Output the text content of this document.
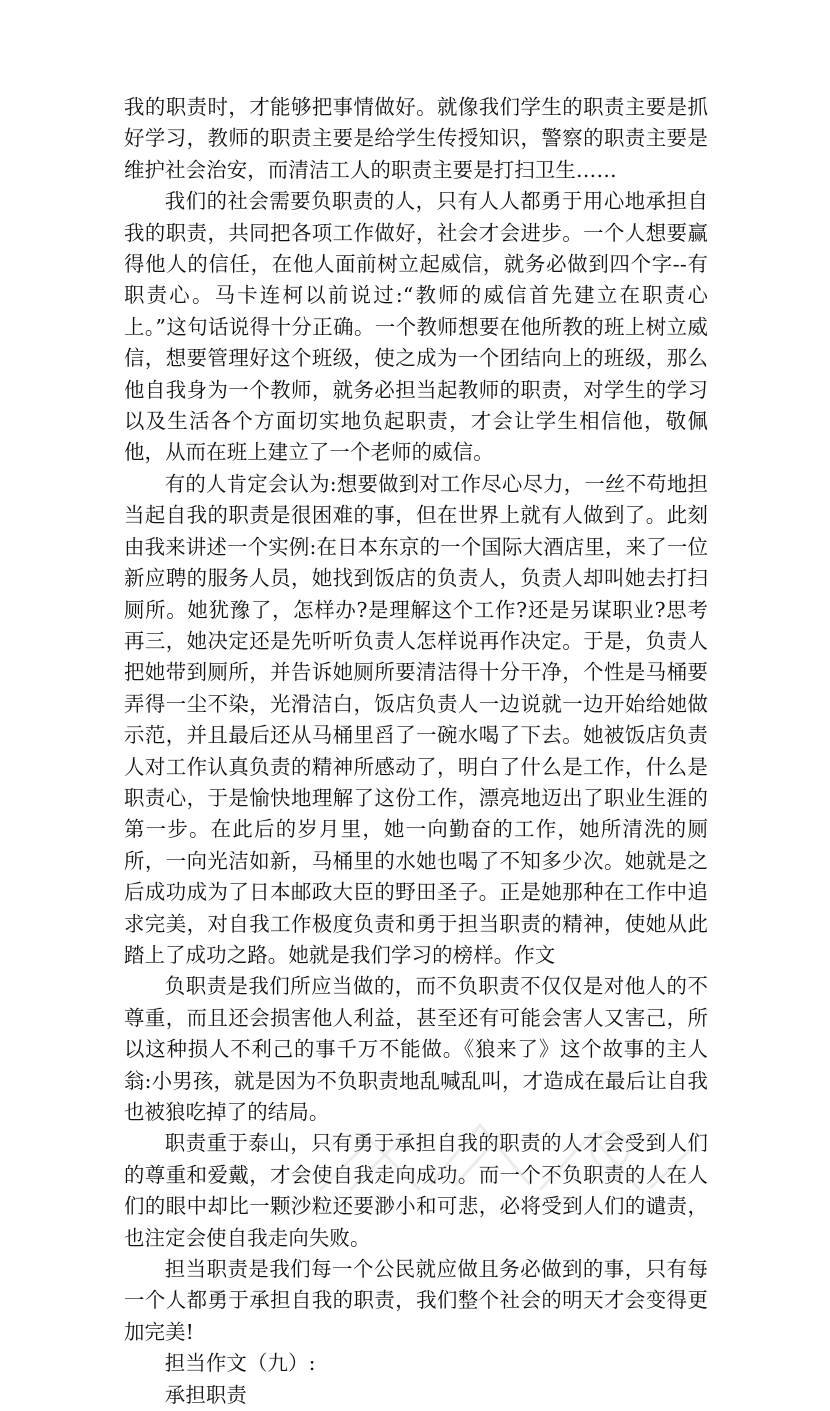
我的职责时，才能够把事情做好。就像我们学生的职责主要是抓好学习，教师的职责主要是给学生传授知识，警察的职责主要是维护社会治安，而清洁工人的职责主要是打扫卫生……

我们的社会需要负职责的人，只有人人都勇于用心地承担自我的职责，共同把各项工作做好，社会才会进步。一个人想要赢得他人的信任，在他人面前树立起威信，就务必做到四个字--有职责心。马卡连柯以前说过:“教师的威信首先建立在职责心上。”这句话说得十分正确。一个教师想要在他所教的班上树立威信，想要管理好这个班级，使之成为一个团结向上的班级，那么他自我身为一个教师，就务必担当起教师的职责，对学生的学习以及生活各个方面切实地负起职责，才会让学生相信他，敬佩他，从而在班上建立了一个老师的威信。

有的人肯定会认为:想要做到对工作尽心尽力，一丝不苟地担当起自我的职责是很困难的事，但在世界上就有人做到了。此刻由我来讲述一个实例:在日本东京的一个国际大酒店里，来了一位新应聘的服务人员，她找到饭店的负责人，负责人却叫她去打扫厕所。她犹豫了，怎样办?是理解这个工作?还是另谋职业?思考再三，她决定还是先听听负责人怎样说再作决定。于是，负责人把她带到厕所，并告诉她厕所要清洁得十分干净，个性是马桶要弄得一尘不染，光滑洁白，饭店负责人一边说就一边开始给她做示范，并且最后还从马桶里舀了一碗水喝了下去。她被饭店负责人对工作认真负责的精神所感动了，明白了什么是工作，什么是职责心，于是愉快地理解了这份工作，漂亮地迈出了职业生涯的第一步。在此后的岁月里，她一向勤奋的工作，她所清洗的厕所，一向光洁如新，马桶里的水她也喝了不知多少次。她就是之后成功成为了日本邮政大臣的野田圣子。正是她那种在工作中追求完美，对自我工作极度负责和勇于担当职责的精神，使她从此踏上了成功之路。她就是我们学习的榜样。作文

负职责是我们所应当做的，而不负职责不仅仅是对他人的不尊重，而且还会损害他人利益，甚至还有可能会害人又害己，所以这种损人不利己的事千万不能做。《狼来了》这个故事的主人翁:小男孩，就是因为不负职责地乱喊乱叫，才造成在最后让自我也被狼吃掉了的结局。

职责重于泰山，只有勇于承担自我的职责的人才会受到人们的尊重和爱戴，才会使自我走向成功。而一个不负职责的人在人们的眼中却比一颗沙粒还要渺小和可悲，必将受到人们的谴责，也注定会使自我走向失败。

担当职责是我们每一个公民就应做且务必做到的事，只有每一个人都勇于承担自我的职责，我们整个社会的明天才会变得更加完美!

担当作文（九）:

承担职责
